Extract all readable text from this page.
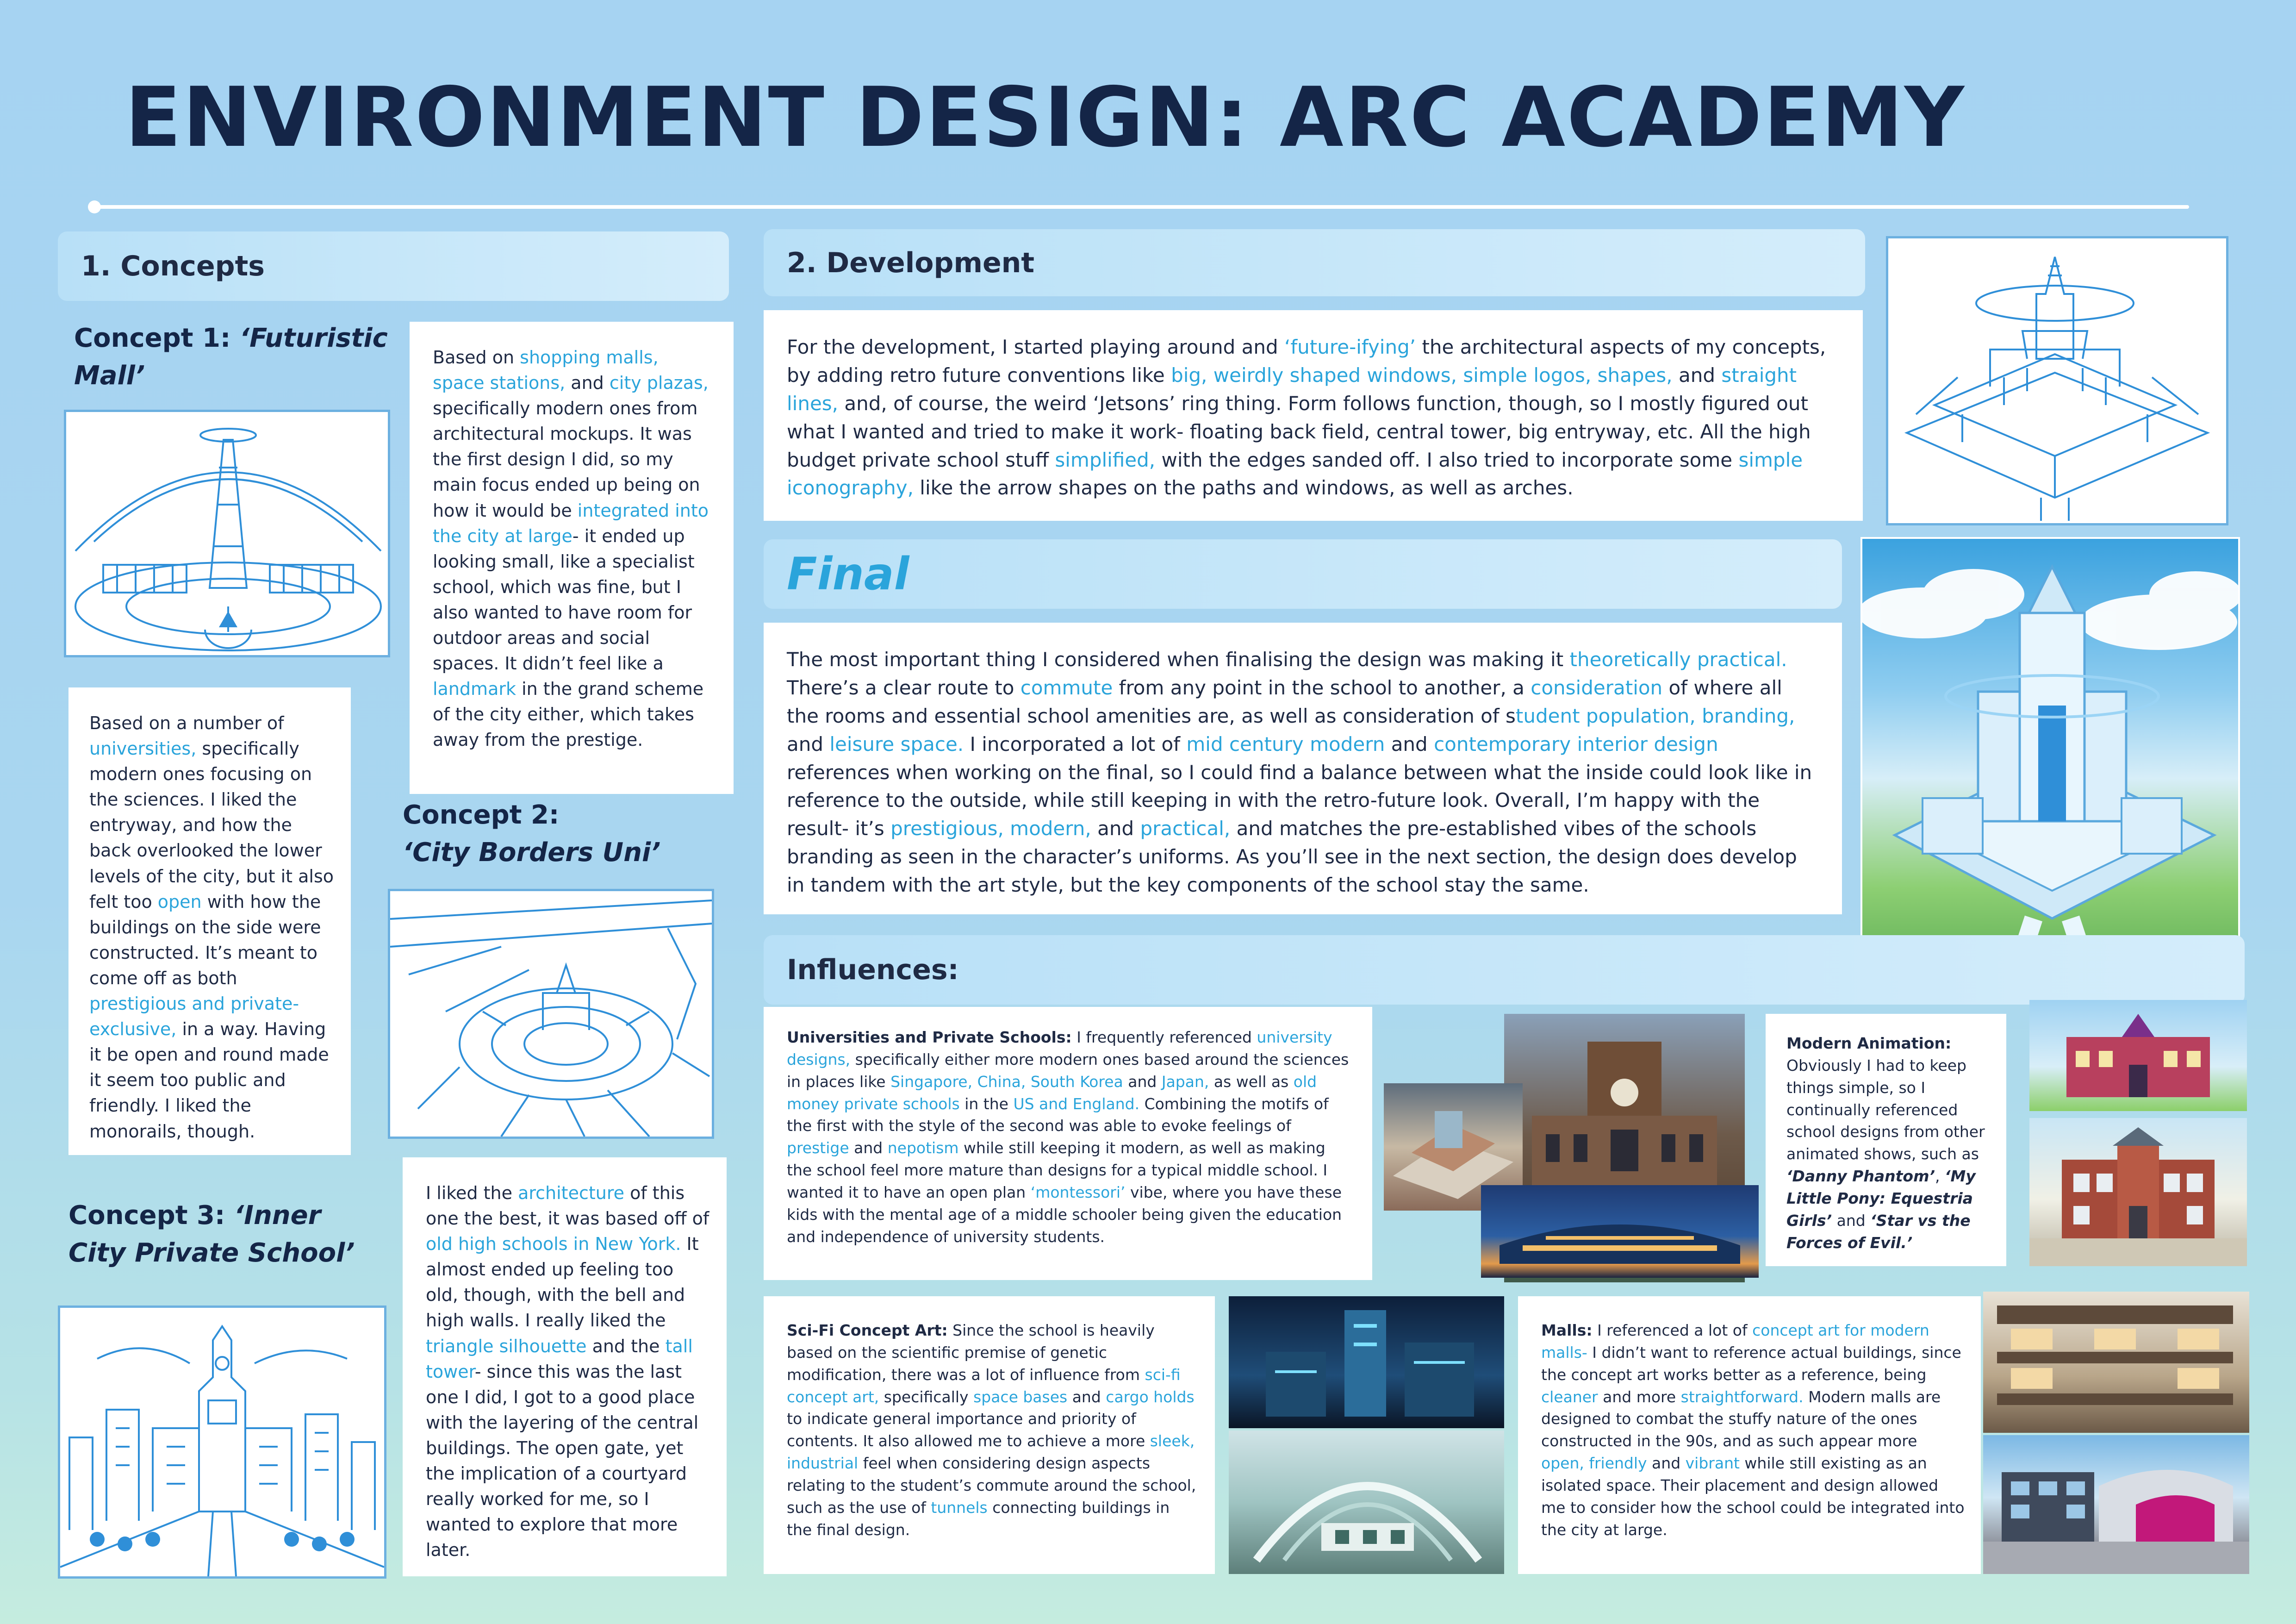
ENVIRONMENT DESIGN: ARC ACADEMY
1. Concepts
Concept 1: ‘Futuristic Mall’

Based on shopping malls, space stations, and city plazas, specifically modern ones from architectural mockups. It was the first design I did, so my main focus ended up being on how it would be integrated into the city at large- it ended up looking small, like a specialist school, which was fine, but I also wanted to have room for outdoor areas and social spaces. It didn’t feel like a landmark in the grand scheme of the city either, which takes away from the prestige.

Based on a number of universities, specifically modern ones focusing on the sciences. I liked the entryway, and how the back overlooked the lower levels of the city, but it also felt too open with how the buildings on the side were constructed. It’s meant to come off as both prestigious and private-exclusive, in a way. Having it be open and round made it seem too public and friendly. I liked the monorails, though.

Concept 2:
‘City Borders Uni’
Concept 3: ‘Inner City Private School’

I liked the architecture of this one the best, it was based off of old high schools in New York. It almost ended up feeling too old, though, with the bell and high walls. I really liked the triangle silhouette and the tall tower- since this was the last one I did, I got to a good place with the layering of the central buildings. The open gate, yet the implication of a courtyard really worked for me, so I wanted to explore that more later.

2. Development

For the development, I started playing around and ‘future-ifying’ the architectural aspects of my concepts, by adding retro future conventions like big, weirdly shaped windows, simple logos, shapes, and straight lines, and, of course, the weird ‘Jetsons’ ring thing. Form follows function, though, so I mostly figured out what I wanted and tried to make it work- floating back field, central tower, big entryway, etc. All the high budget private school stuff simplified, with the edges sanded off. I also tried to incorporate some simple iconography, like the arrow shapes on the paths and windows, as well as arches.

Final

The most important thing I considered when finalising the design was making it theoretically practical. There’s a clear route to commute from any point in the school to another, a consideration of where all the rooms and essential school amenities are, as well as consideration of student population, branding, and leisure space. I incorporated a lot of mid century modern and contemporary interior design references when working on the final, so I could find a balance between what the inside could look like in reference to the outside, while still keeping in with the retro-future look. Overall, I’m happy with the result- it’s prestigious, modern, and practical, and matches the pre-established vibes of the schools branding as seen in the character’s uniforms. As you’ll see in the next section, the design does develop in tandem with the art style, but the key components of the school stay the same.

Influences:

Universities and Private Schools: I frequently referenced university designs, specifically either more modern ones based around the sciences in places like Singapore, China, South Korea and Japan, as well as old money private schools in the US and England. Combining the motifs of the first with the style of the second was able to evoke feelings of prestige and nepotism while still keeping it modern, as well as making the school feel more mature than designs for a typical middle school. I wanted it to have an open plan ‘montessori’ vibe, where you have these kids with the mental age of a middle schooler being given the education and independence of university students.

Modern Animation: Obviously I had to keep things simple, so I continually referenced school designs from other animated shows, such as ‘Danny Phantom’, ‘My Little Pony: Equestria Girls’ and ‘Star vs the Forces of Evil.’

Sci-Fi Concept Art: Since the school is heavily based on the scientific premise of genetic modification, there was a lot of influence from sci-fi concept art, specifically space bases and cargo holds to indicate general importance and priority of contents. It also allowed me to achieve a more sleek, industrial feel when considering design aspects relating to the student’s commute around the school, such as the use of tunnels connecting buildings in the final design.

Malls: I referenced a lot of concept art for modern malls- I didn’t want to reference actual buildings, since the concept art works better as a reference, being cleaner and more straightforward. Modern malls are designed to combat the stuffy nature of the ones constructed in the 90s, and as such appear more open, friendly and vibrant while still existing as an isolated space. Their placement and design allowed me to consider how the school could be integrated into the city at large.
